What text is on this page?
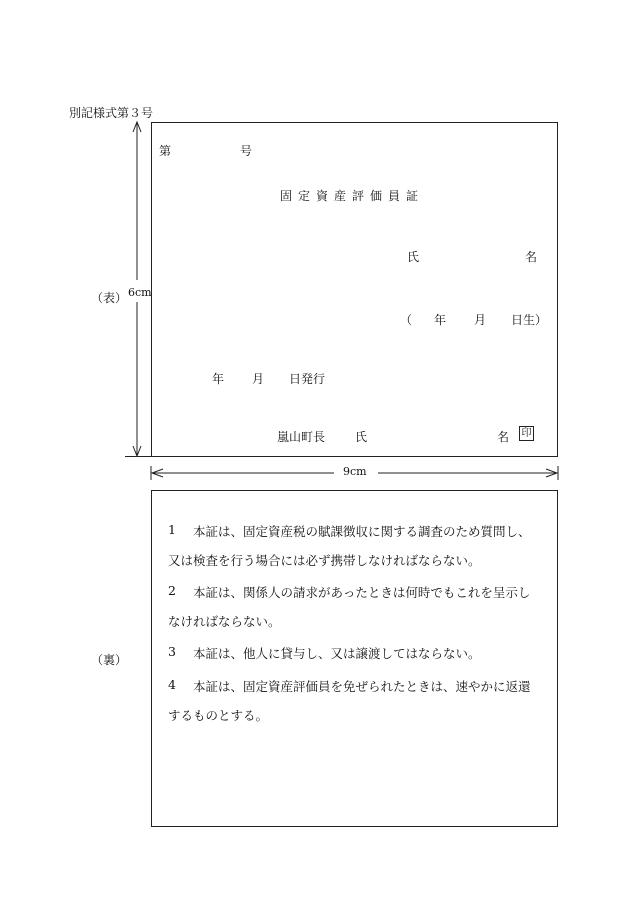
別記様式第３号
（表） 6cm
第	号
固定資産評価員証
氏	名
（ 年 月 日生）
年 月 日発行
嵐山町長 氏	名 印
9cm
（裏）
1 本証は、固定資産税の賦課徴収に関する調査のため質問し、
又は検査を行う場合には必ず携帯しなければならない。
2 本証は、関係人の請求があったときは何時でもこれを呈示し
なければならない。
3 本証は、他人に貸与し、又は譲渡してはならない。
4 本証は、固定資産評価員を免ぜられたときは、速やかに返還
するものとする。
